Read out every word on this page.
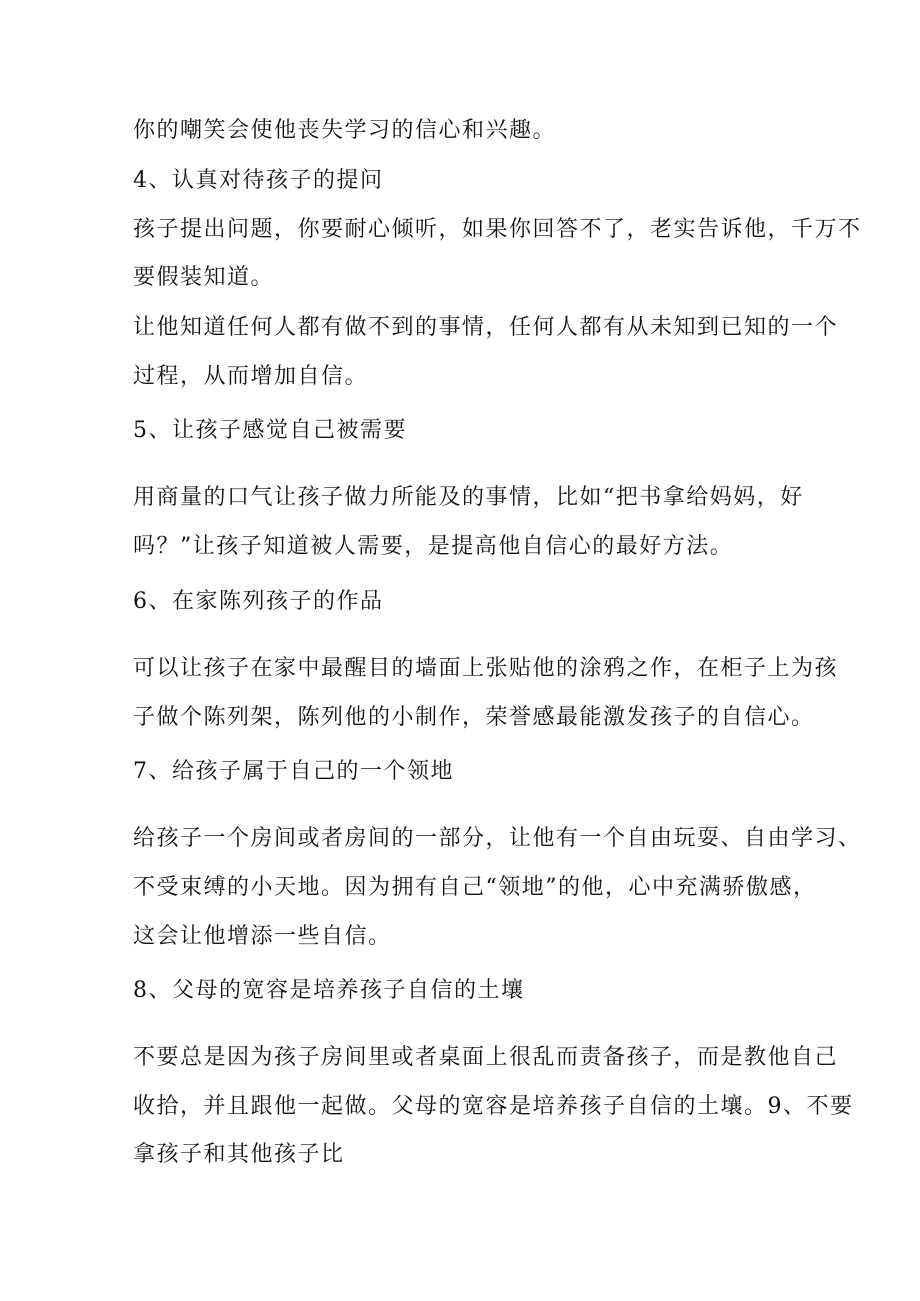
你的嘲笑会使他丧失学习的信心和兴趣。
4、认真对待孩子的提问
孩子提出问题，你要耐心倾听，如果你回答不了，老实告诉他，千万不
要假装知道。
让他知道任何人都有做不到的事情，任何人都有从未知到已知的一个
过程，从而增加自信。
5、让孩子感觉自己被需要
用商量的口气让孩子做力所能及的事情，比如“把书拿给妈妈，好
吗？”让孩子知道被人需要，是提高他自信心的最好方法。
6、在家陈列孩子的作品
可以让孩子在家中最醒目的墙面上张贴他的涂鸦之作，在柜子上为孩
子做个陈列架，陈列他的小制作，荣誉感最能激发孩子的自信心。
7、给孩子属于自己的一个领地
给孩子一个房间或者房间的一部分，让他有一个自由玩耍、自由学习、
不受束缚的小天地。因为拥有自己“领地”的他，心中充满骄傲感，
这会让他增添一些自信。
8、父母的宽容是培养孩子自信的土壤
不要总是因为孩子房间里或者桌面上很乱而责备孩子，而是教他自己
收拾，并且跟他一起做。父母的宽容是培养孩子自信的土壤。9、不要
拿孩子和其他孩子比
